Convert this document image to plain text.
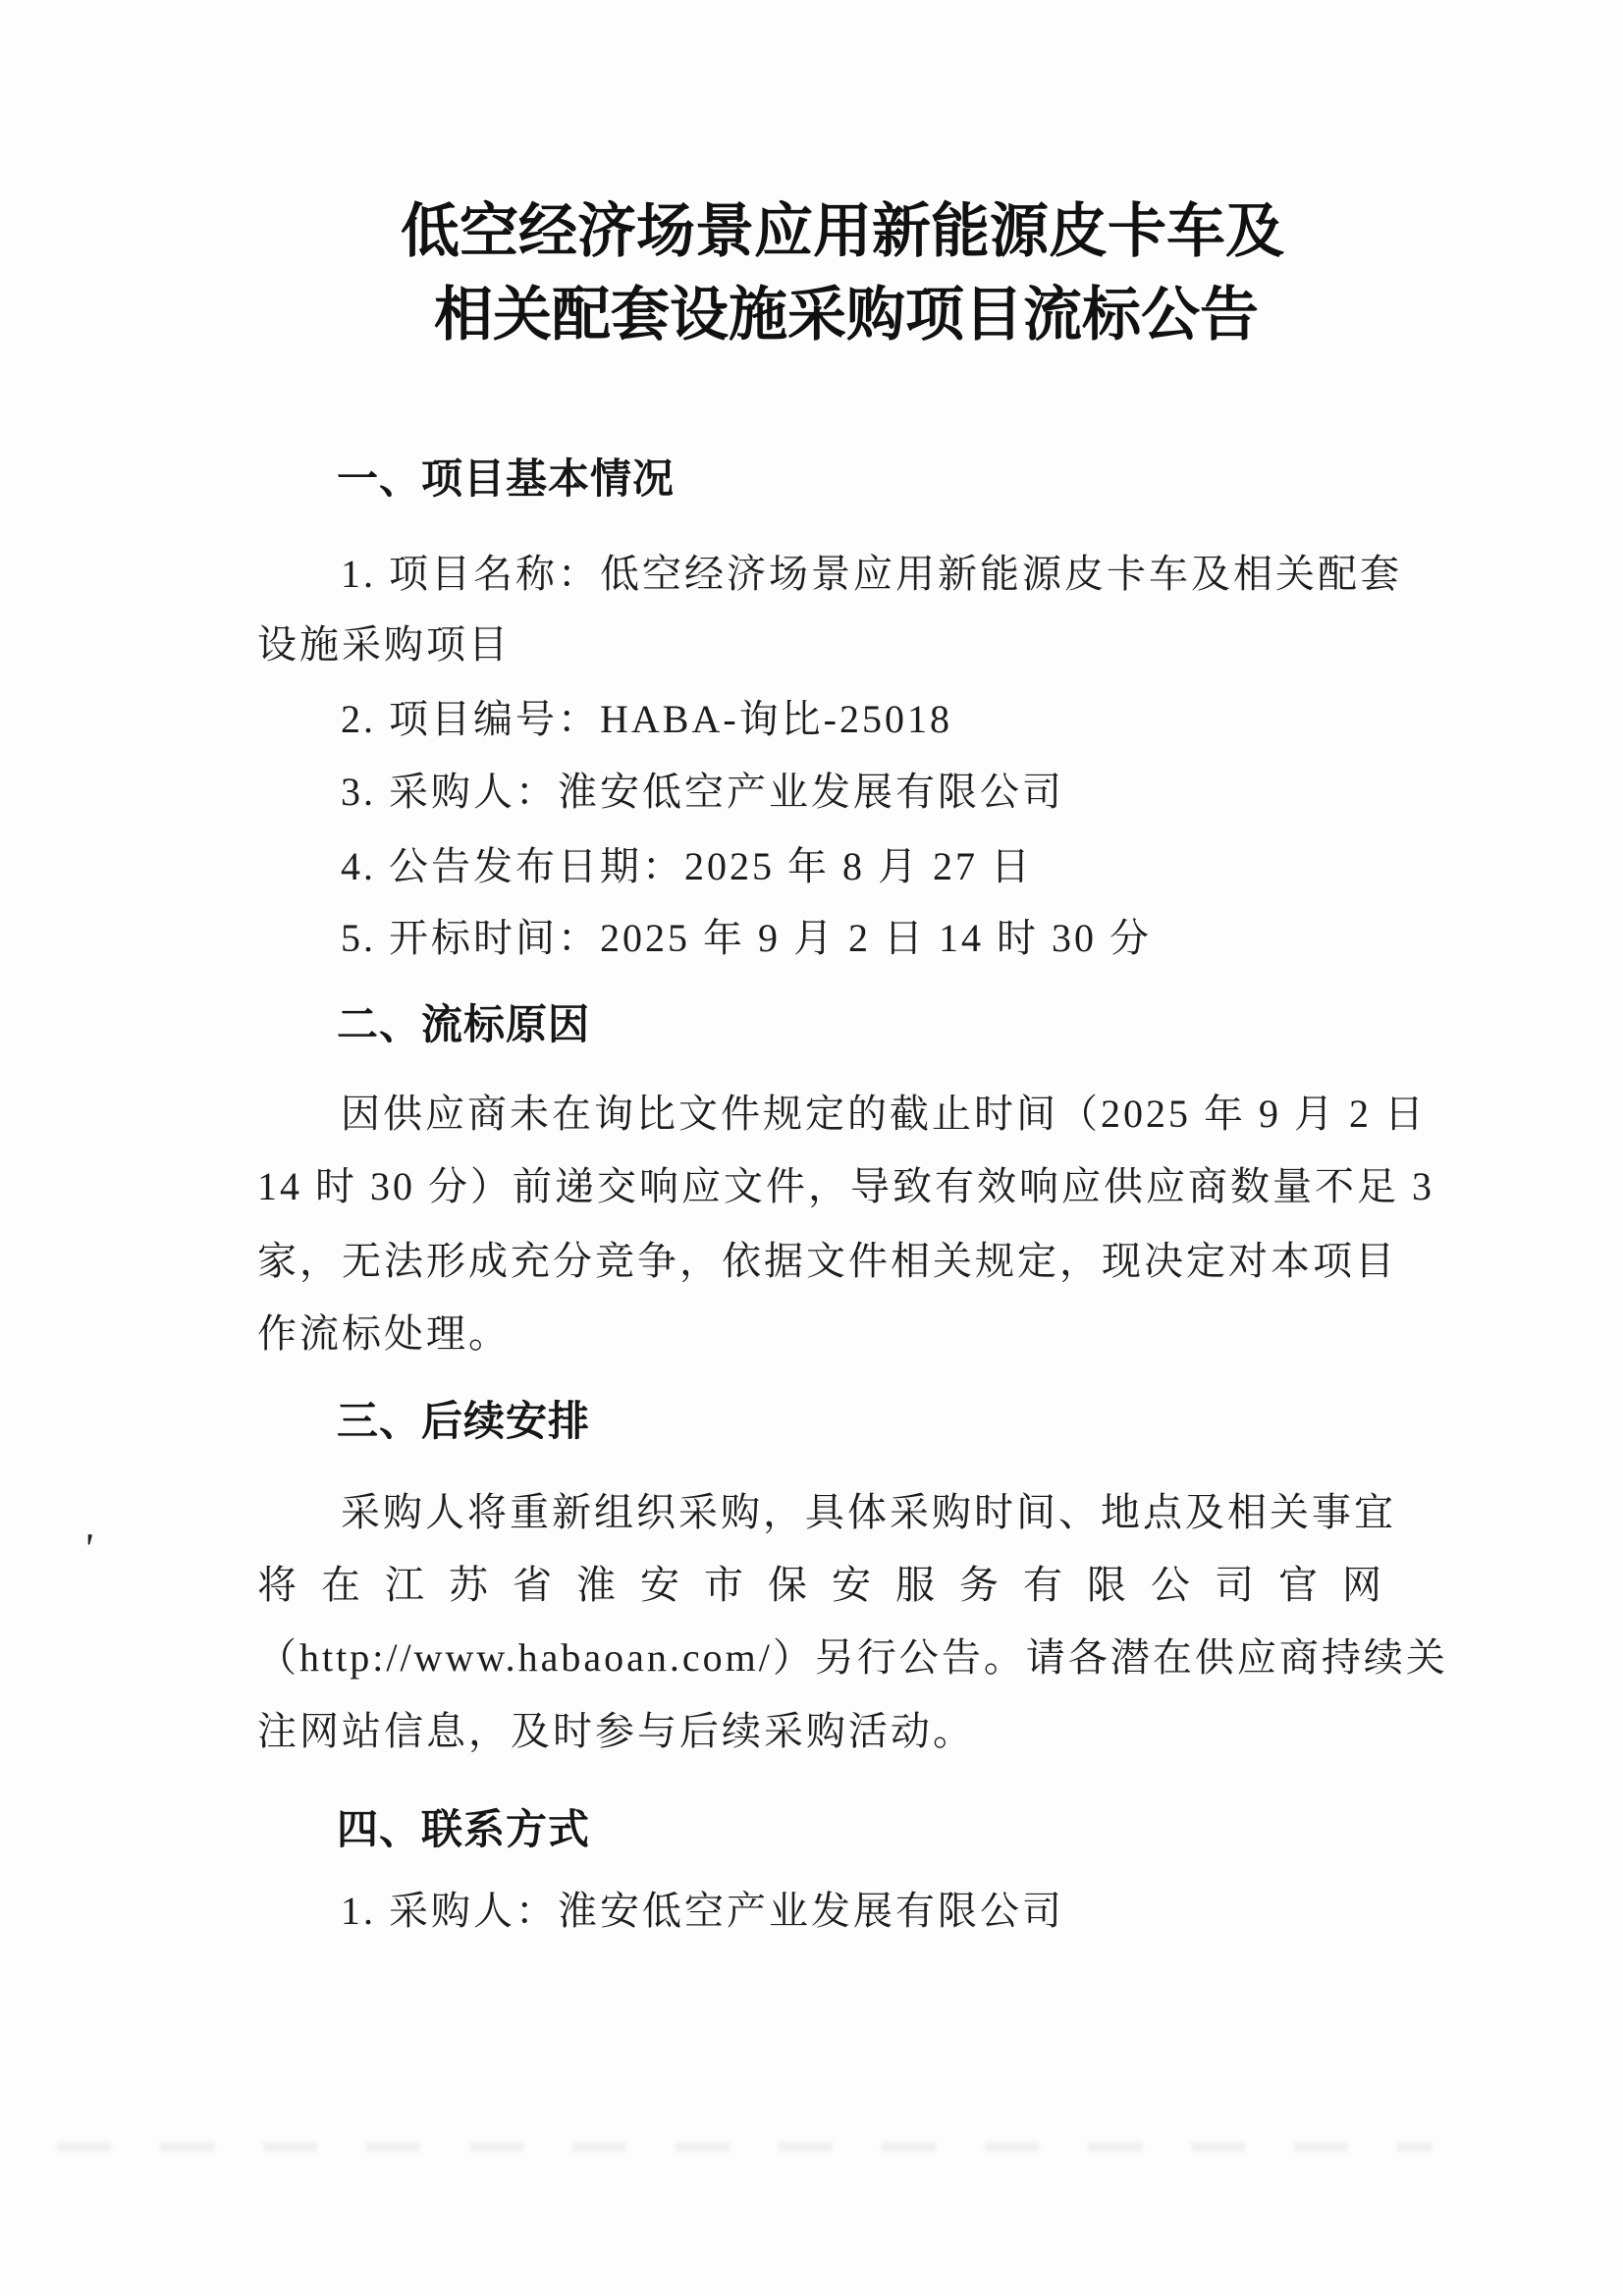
低空经济场景应用新能源皮卡车及
相关配套设施采购项目流标公告
一、项目基本情况
1. 项目名称：低空经济场景应用新能源皮卡车及相关配套
设施采购项目
2. 项目编号：HABA-询比-25018
3. 采购人：淮安低空产业发展有限公司
4. 公告发布日期：2025 年 8 月 27 日
5. 开标时间：2025 年 9 月 2 日 14 时 30 分
二、流标原因
因供应商未在询比文件规定的截止时间（2025 年 9 月 2 日
14 时 30 分）前递交响应文件，导致有效响应供应商数量不足 3
家，无法形成充分竞争，依据文件相关规定，现决定对本项目
作流标处理。
三、后续安排
采购人将重新组织采购，具体采购时间、地点及相关事宜
将在江苏省淮安市保安服务有限公司官网
（http://www.habaoan.com/）另行公告。请各潜在供应商持续关
注网站信息，及时参与后续采购活动。
四、联系方式
1. 采购人：淮安低空产业发展有限公司
'
